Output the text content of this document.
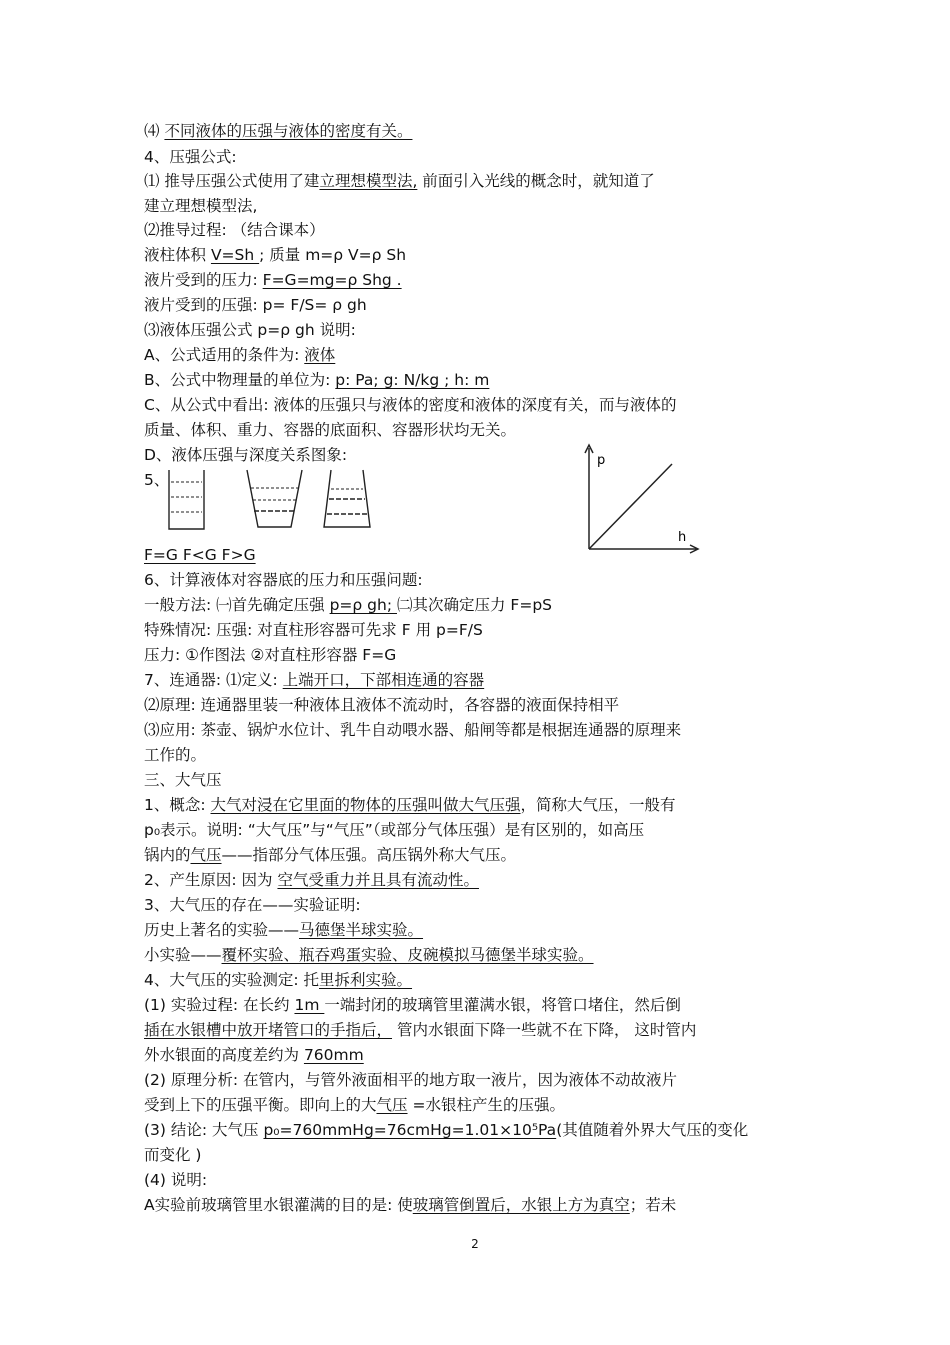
⑷ 不同液体的压强与液体的密度有关。
4、压强公式:
⑴ 推导压强公式使用了建立理想模型法, 前面引入光线的概念时，就知道了
建立理想模型法,
⑵推导过程: （结合课本）
液柱体积 V=Sh ; 质量 m=ρ V=ρ Sh
液片受到的压力: F=G=mg=ρ Shg .
液片受到的压强: p= F/S= ρ gh
⑶液体压强公式 p=ρ gh 说明:
A、公式适用的条件为: 液体
B、公式中物理量的单位为: p: Pa; g: N/kg ; h: m
C、从公式中看出: 液体的压强只与液体的密度和液体的深度有关，而与液体的
质量、体积、重力、容器的底面积、容器形状均无关。
D、液体压强与深度关系图象:
5、
F=G F<G F>G
6、计算液体对容器底的压力和压强问题:
一般方法: ㈠首先确定压强 p=ρ gh; ㈡其次确定压力 F=pS
特殊情况: 压强: 对直柱形容器可先求 F 用 p=F/S
压力: ①作图法 ②对直柱形容器 F=G
7、连通器: ⑴定义: 上端开口，下部相连通的容器
⑵原理: 连通器里装一种液体且液体不流动时，各容器的液面保持相平
⑶应用: 茶壶、锅炉水位计、乳牛自动喂水器、船闸等都是根据连通器的原理来
工作的。
三、大气压
1、概念: 大气对浸在它里面的物体的压强叫做大气压强，简称大气压，一般有
p₀表示。说明: “大气压”与“气压”（或部分气体压强）是有区别的，如高压
锅内的气压——指部分气体压强。高压锅外称大气压。
2、产生原因: 因为 空气受重力并且具有流动性。
3、大气压的存在——实验证明:
历史上著名的实验——马德堡半球实验。
小实验——覆杯实验、瓶吞鸡蛋实验、皮碗模拟马德堡半球实验。
4、大气压的实验测定: 托里拆利实验。
(1) 实验过程: 在长约 1m 一端封闭的玻璃管里灌满水银，将管口堵住，然后倒
插在水银槽中放开堵管口的手指后， 管内水银面下降一些就不在下降， 这时管内
外水银面的高度差约为 760mm
(2) 原理分析: 在管内，与管外液面相平的地方取一液片，因为液体不动故液片
受到上下的压强平衡。即向上的大气压 =水银柱产生的压强。
(3) 结论: 大气压 p₀=760mmHg=76cmHg=1.01×10⁵Pa(其值随着外界大气压的变化
而变化 )
(4) 说明:
A实验前玻璃管里水银灌满的目的是: 使玻璃管倒置后，水银上方为真空；若未
p
h
2
